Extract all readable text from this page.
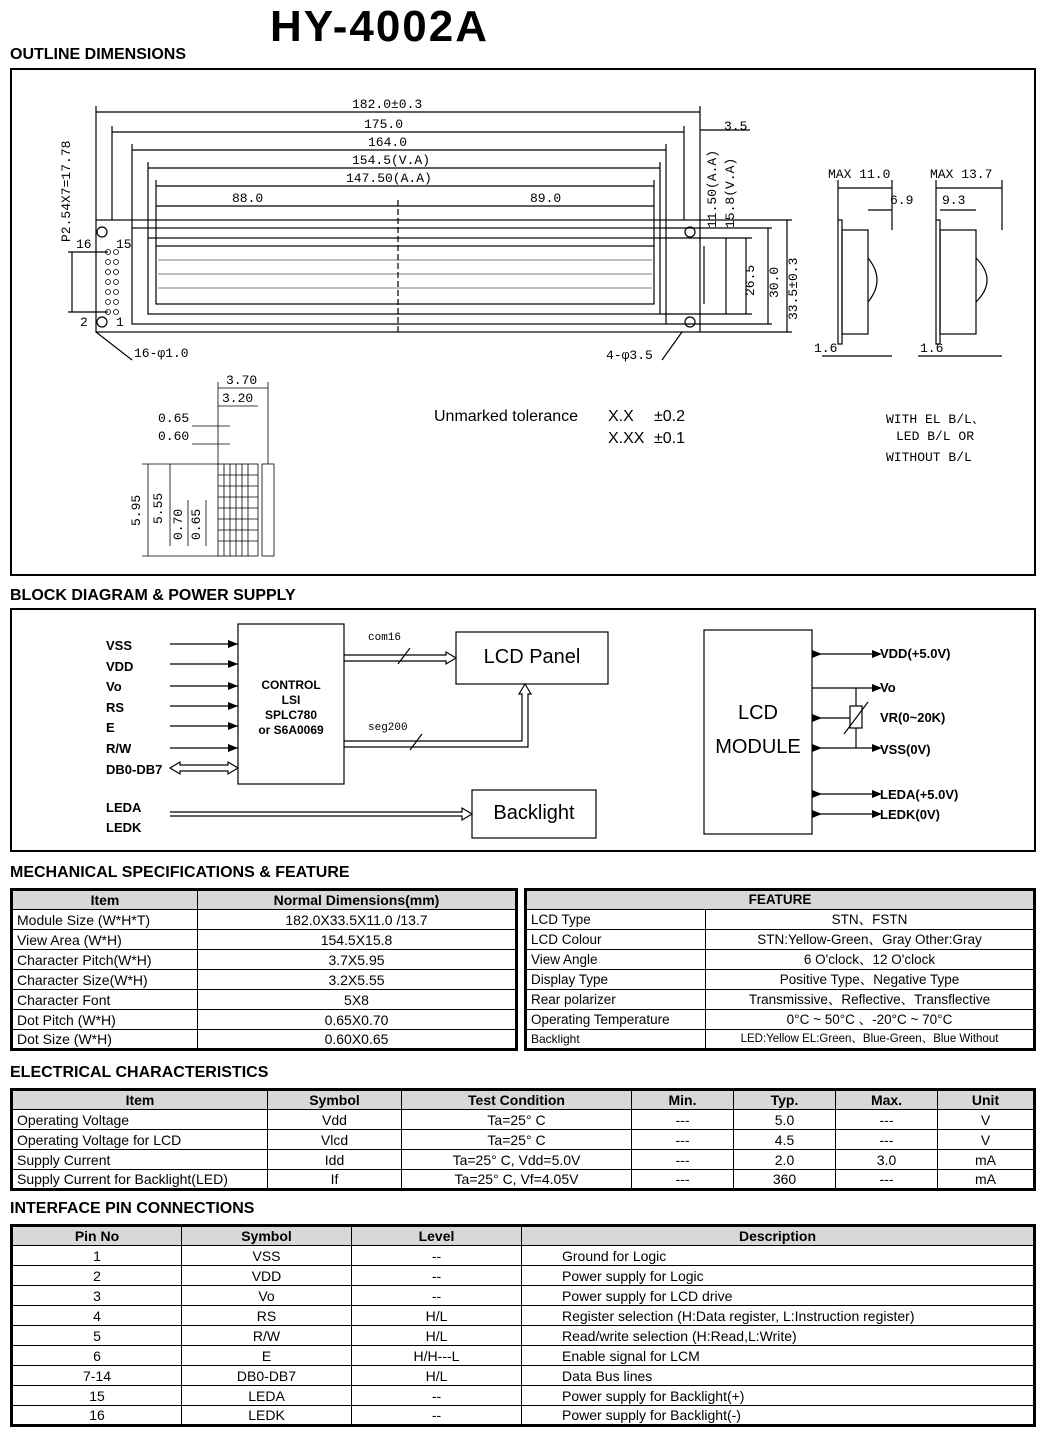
HY-4002A
OUTLINE DIMENSIONS
182.0±0.3
175.0
164.0
154.5(V.A)
147.50(A.A)
88.0	89.0
3.5
11.50(A.A) 15.8(V.A)
26.5 30.0 33.5±0.3
P2.54X7=17.78
16 15
2 1
16-φ1.0	4-φ3.5
MAX 11.0	MAX 13.7
6.9 9.3
1.6	1.6
3.70
3.20
0.65
0.60
5.95 5.55
0.70 0.65
Unmarked tolerance X.X ±0.2
X.XX ±0.1
WITH EL B/L、
LED B/L OR
WITHOUT B/L
BLOCK DIAGRAM & POWER SUPPLY
VSS
VDD
Vo
RS
E
R/W
DB0-DB7
CONTROL
LSI
SPLC780
or S6A0069
com16
seg200
LCD Panel
Backlight
LEDA
LEDK
LCD
MODULE
VDD(+5.0V)
Vo
VR(0~20K)
VSS(0V)
LEDA(+5.0V)
LEDK(0V)
MECHANICAL SPECIFICATIONS & FEATURE
Item	Normal Dimensions(mm)
Module Size (W*H*T)	182.0X33.5X11.0 /13.7
View Area (W*H)	154.5X15.8
Character Pitch(W*H)	3.7X5.95
Character Size(W*H)	3.2X5.55
Character Font	5X8
Dot Pitch (W*H)	0.65X0.70
Dot Size (W*H)	0.60X0.65
FEATURE	
LCD Type	STN、FSTN
LCD Colour	STN:Yellow-Green、Gray Other:Gray
View Angle	6 O'clock、12 O'clock
Display Type	Positive Type、Negative Type
Rear polarizer	Transmissive、Reflective、Transflective
Operating Temperature	0°C ~ 50°C 、-20°C ~ 70°C
Backlight	LED:Yellow EL:Green、Blue-Green、Blue Without
ELECTRICAL CHARACTERISTICS
Item	Symbol	Test Condition	Min.	Typ.	Max.	Unit
Operating Voltage	Vdd	Ta=25° C	---	5.0	---	V
Operating Voltage for LCD	Vlcd	Ta=25° C	---	4.5	---	V
Supply Current	Idd	Ta=25° C, Vdd=5.0V	---	2.0	3.0	mA
Supply Current for Backlight(LED)	If	Ta=25° C, Vf=4.05V	---	360	---	mA
INTERFACE PIN CONNECTIONS
Pin No	Symbol	Level	Description
1	VSS	--	Ground for Logic
2	VDD	--	Power supply for Logic
3	Vo	--	Power supply for LCD drive
4	RS	H/L	Register selection (H:Data register, L:Instruction register)
5	R/W	H/L	Read/write selection (H:Read,L:Write)
6	E	H/H---L	Enable signal for LCM
7-14	DB0-DB7	H/L	Data Bus lines
15	LEDA	--	Power supply for Backlight(+)
16	LEDK	--	Power supply for Backlight(-)
